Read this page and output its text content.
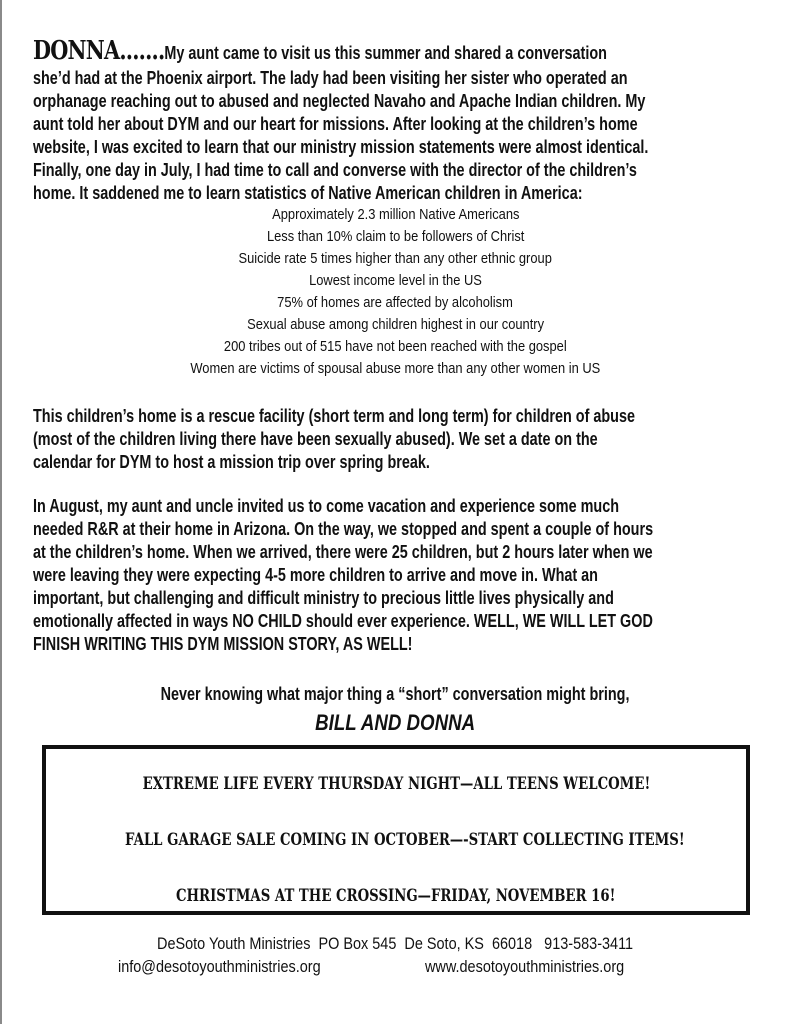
DONNA.......My aunt came to visit us this summer and shared a conversation
she’d had at the Phoenix airport. The lady had been visiting her sister who operated an
orphanage reaching out to abused and neglected Navaho and Apache Indian children. My
aunt told her about DYM and our heart for missions. After looking at the children’s home
website, I was excited to learn that our ministry mission statements were almost identical.
Finally, one day in July, I had time to call and converse with the director of the children’s
home. It saddened me to learn statistics of Native American children in America:
Approximately 2.3 million Native Americans
Less than 10% claim to be followers of Christ
Suicide rate 5 times higher than any other ethnic group
Lowest income level in the US
75% of homes are affected by alcoholism
Sexual abuse among children highest in our country
200 tribes out of 515 have not been reached with the gospel
Women are victims of spousal abuse more than any other women in US
This children’s home is a rescue facility (short term and long term) for children of abuse
(most of the children living there have been sexually abused). We set a date on the
calendar for DYM to host a mission trip over spring break.
In August, my aunt and uncle invited us to come vacation and experience some much
needed R&R at their home in Arizona. On the way, we stopped and spent a couple of hours
at the children’s home. When we arrived, there were 25 children, but 2 hours later when we
were leaving they were expecting 4-5 more children to arrive and move in. What an
important, but challenging and difficult ministry to precious little lives physically and
emotionally affected in ways NO CHILD should ever experience. WELL, WE WILL LET GOD
FINISH WRITING THIS DYM MISSION STORY, AS WELL!
Never knowing what major thing a “short” conversation might bring,
BILL AND DONNA
EXTREME LIFE EVERY THURSDAY NIGHT—ALL TEENS WELCOME!
FALL GARAGE SALE COMING IN OCTOBER—-START COLLECTING ITEMS!
CHRISTMAS AT THE CROSSING—FRIDAY, NOVEMBER 16!
DeSoto Youth Ministries  PO Box 545  De Soto, KS  66018   913-583-3411
info@desotoyouthministries.org	www.desotoyouthministries.org
